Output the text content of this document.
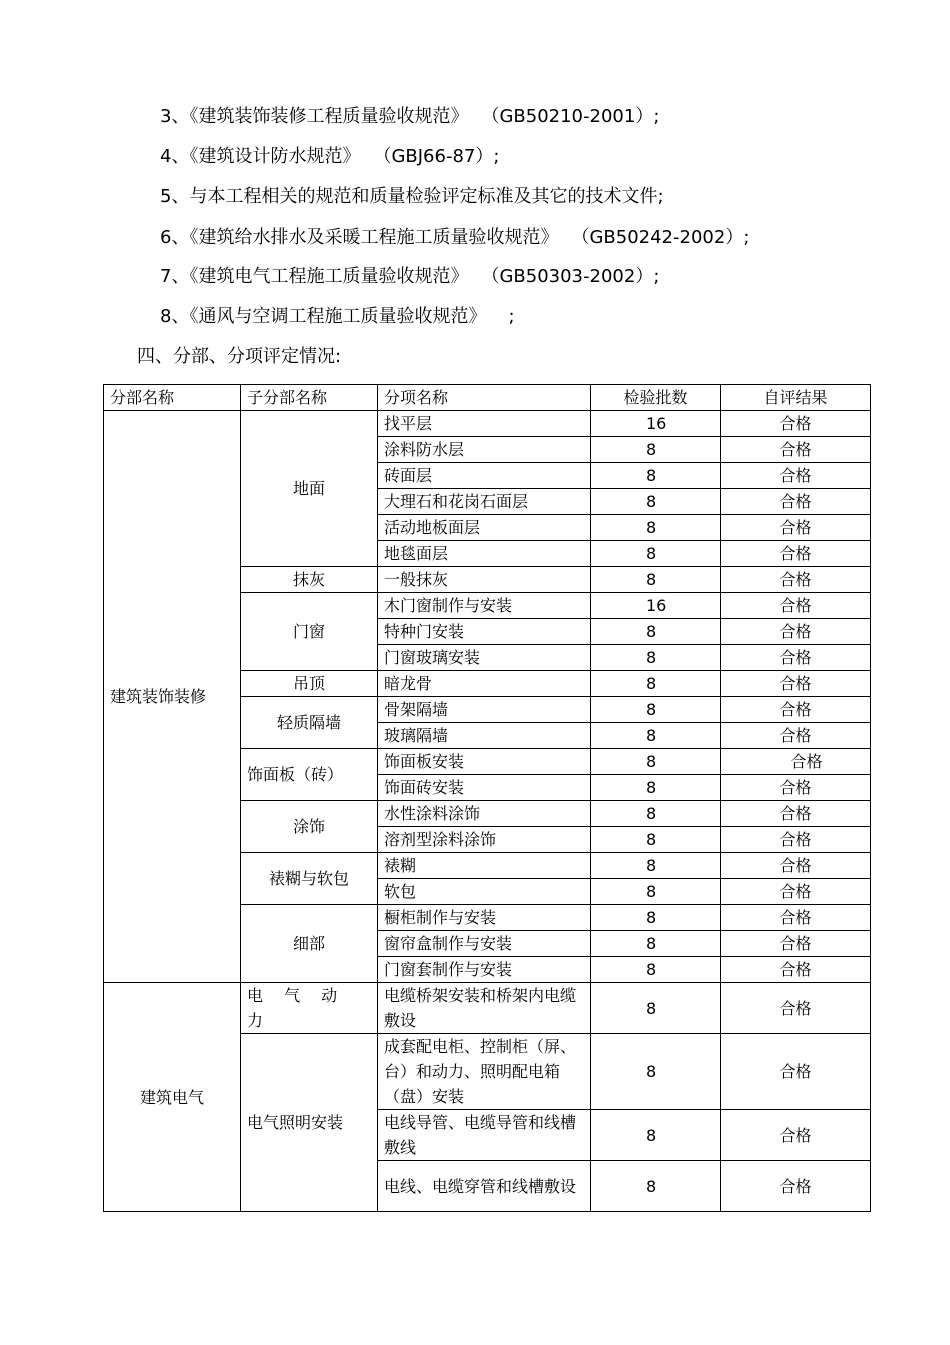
3、《建筑装饰装修工程质量验收规范》 （GB50210-2001）;
4、《建筑设计防水规范》 （GBJ66-87）;
5、与本工程相关的规范和质量检验评定标准及其它的技术文件;
6、《建筑给水排水及采暖工程施工质量验收规范》 （GB50242-2002）;
7、《建筑电气工程施工质量验收规范》 （GB50303-2002）;
8、《通风与空调工程施工质量验收规范》 ;
四、分部、分项评定情况:
分部名称	子分部名称	分项名称	检验批数	自评结果
建筑装饰装修	地面	找平层	16	合格
		涂料防水层	8	合格
		砖面层	8	合格
		大理石和花岗石面层	8	合格
		活动地板面层	8	合格
		地毯面层	8	合格
	抹灰	一般抹灰	8	合格
	门窗	木门窗制作与安装	16	合格
		特种门安装	8	合格
		门窗玻璃安装	8	合格
	吊顶	暗龙骨	8	合格
	轻质隔墙	骨架隔墙	8	合格
		玻璃隔墙	8	合格
	饰面板（砖）	饰面板安装	8	合格
		饰面砖安装	8	合格
	涂饰	水性涂料涂饰	8	合格
		溶剂型涂料涂饰	8	合格
	裱糊与软包	裱糊	8	合格
		软包	8	合格
	细部	橱柜制作与安装	8	合格
		窗帘盒制作与安装	8	合格
		门窗套制作与安装	8	合格
建筑电气	电 气 动 力	电缆桥架安装和桥架内电缆敷设	8	合格
	电气照明安装	成套配电柜、控制柜（屏、台）和动力、照明配电箱（盘）安装	8	合格
		电线导管、电缆导管和线槽敷线	8	合格
		电线、电缆穿管和线槽敷设	8	合格
